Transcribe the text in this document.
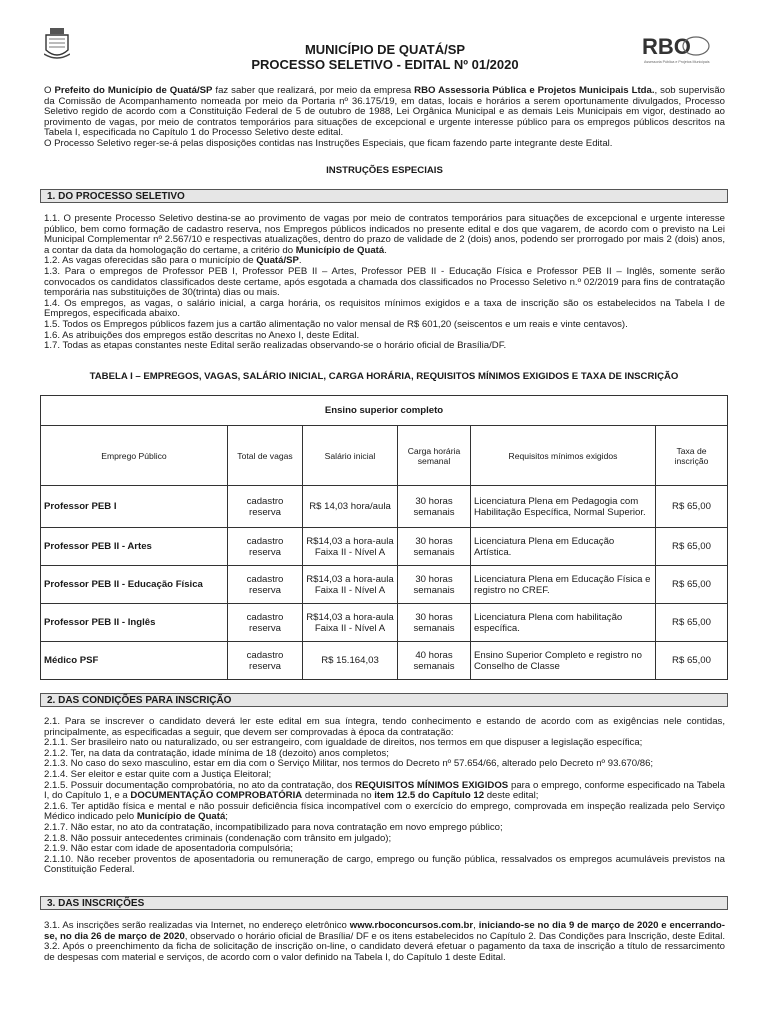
MUNICÍPIO DE QUATÁ/SP
PROCESSO SELETIVO - EDITAL Nº 01/2020
RBO
Assessoria Pública e Projetos Municipais

O Prefeito do Município de Quatá/SP faz saber que realizará, por meio da empresa RBO Assessoria Pública e Projetos Municipais Ltda., sob supervisão da Comissão de Acompanhamento nomeada por meio da Portaria nº 36.175/19, em datas, locais e horários a serem oportunamente divulgados, Processo Seletivo regido de acordo com a Constituição Federal de 5 de outubro de 1988, Lei Orgânica Municipal e as demais Leis Municipais em vigor, destinado ao provimento de vagas, por meio de contratos temporários para situações de excepcional e urgente interesse público para os empregos públicos descritos na Tabela I, especificada no Capítulo 1 do Processo Seletivo deste edital.

O Processo Seletivo reger-se-á pelas disposições contidas nas Instruções Especiais, que ficam fazendo parte integrante deste Edital.

INSTRUÇÕES ESPECIAIS
1. DO PROCESSO SELETIVO

1.1. O presente Processo Seletivo destina-se ao provimento de vagas por meio de contratos temporários para situações de excepcional e urgente interesse público, bem como formação de cadastro reserva, nos Empregos públicos indicados no presente edital e dos que vagarem, de acordo com o previsto na Lei Municipal Complementar nº 2.567/10 e respectivas atualizações, dentro do prazo de validade de 2 (dois) anos, podendo ser prorrogado por mais 2 (dois) anos, a contar da data da homologação do certame, a critério do Município de Quatá.

1.2. As vagas oferecidas são para o município de Quatá/SP.

1.3. Para o empregos de Professor PEB I, Professor PEB II – Artes, Professor PEB II - Educação Física e Professor PEB II – Inglês, somente serão convocados os candidatos classificados deste certame, após esgotada a chamada dos classificados no Processo Seletivo n.º 02/2019 para fins de contratação temporária nas substituições de 30(trinta) dias ou mais.

1.4. Os empregos, as vagas, o salário inicial, a carga horária, os requisitos mínimos exigidos e a taxa de inscrição são os estabelecidos na Tabela I de Empregos, especificada abaixo.

1.5. Todos os Empregos públicos fazem jus a cartão alimentação no valor mensal de R$ 601,20 (seiscentos e um reais e vinte centavos).

1.6. As atribuições dos empregos estão descritas no Anexo I, deste Edital.

1.7. Todas as etapas constantes neste Edital serão realizadas observando-se o horário oficial de Brasília/DF.

TABELA I – EMPREGOS, VAGAS, SALÁRIO INICIAL, CARGA HORÁRIA, REQUISITOS MÍNIMOS EXIGIDOS E TAXA DE INSCRIÇÃO
Ensino superior completo					
Emprego Público	Total de vagas	Salário inicial	Carga horária semanal	Requisitos mínimos exigidos	Taxa de inscrição
Professor PEB I	cadastro reserva	R$ 14,03 hora/aula	30 horas semanais	Licenciatura Plena em Pedagogia com Habilitação Específica, Normal Superior.	R$ 65,00
Professor PEB II - Artes	cadastro reserva	R$14,03 a hora-aula Faixa II - Nível A	30 horas semanais	Licenciatura Plena em Educação Artística.	R$ 65,00
Professor PEB II - Educação Física	cadastro reserva	R$14,03 a hora-aula Faixa II - Nível A	30 horas semanais	Licenciatura Plena em Educação Física e registro no CREF.	R$ 65,00
Professor PEB II - Inglês	cadastro reserva	R$14,03 a hora-aula Faixa II - Nível A	30 horas semanais	Licenciatura Plena com habilitação específica.	R$ 65,00
Médico PSF	cadastro reserva	R$ 15.164,03	40 horas semanais	Ensino Superior Completo e registro no Conselho de Classe	R$ 65,00
2. DAS CONDIÇÕES PARA INSCRIÇÃO

2.1. Para se inscrever o candidato deverá ler este edital em sua íntegra, tendo conhecimento e estando de acordo com as exigências nele contidas, principalmente, as especificadas a seguir, que devem ser comprovadas à época da contratação:

2.1.1. Ser brasileiro nato ou naturalizado, ou ser estrangeiro, com igualdade de direitos, nos termos em que dispuser a legislação específica;

2.1.2. Ter, na data da contratação, idade mínima de 18 (dezoito) anos completos;

2.1.3. No caso do sexo masculino, estar em dia com o Serviço Militar, nos termos do Decreto nº 57.654/66, alterado pelo Decreto nº 93.670/86;

2.1.4. Ser eleitor e estar quite com a Justiça Eleitoral;

2.1.5. Possuir documentação comprobatória, no ato da contratação, dos REQUISITOS MÍNIMOS EXIGIDOS para o emprego, conforme especificado na Tabela I, do Capítulo 1, e a DOCUMENTAÇÃO COMPROBATÓRIA determinada no item 12.5 do Capítulo 12 deste edital;

2.1.6. Ter aptidão física e mental e não possuir deficiência física incompatível com o exercício do emprego, comprovada em inspeção realizada pelo Serviço Médico indicado pelo Município de Quatá;

2.1.7. Não estar, no ato da contratação, incompatibilizado para nova contratação em novo emprego público;

2.1.8. Não possuir antecedentes criminais (condenação com trânsito em julgado);

2.1.9. Não estar com idade de aposentadoria compulsória;

2.1.10. Não receber proventos de aposentadoria ou remuneração de cargo, emprego ou função pública, ressalvados os empregos acumuláveis previstos na Constituição Federal.

3. DAS INSCRIÇÕES

3.1. As inscrições serão realizadas via Internet, no endereço eletrônico www.rboconcursos.com.br, iniciando-se no dia 9 de março de 2020 e encerrando-se, no dia 26 de março de 2020, observado o horário oficial de Brasília/ DF e os itens estabelecidos no Capítulo 2. Das Condições para Inscrição, deste Edital.

3.2. Após o preenchimento da ficha de solicitação de inscrição on-line, o candidato deverá efetuar o pagamento da taxa de inscrição a título de ressarcimento de despesas com material e serviços, de acordo com o valor definido na Tabela I, do Capítulo 1 deste Edital.
